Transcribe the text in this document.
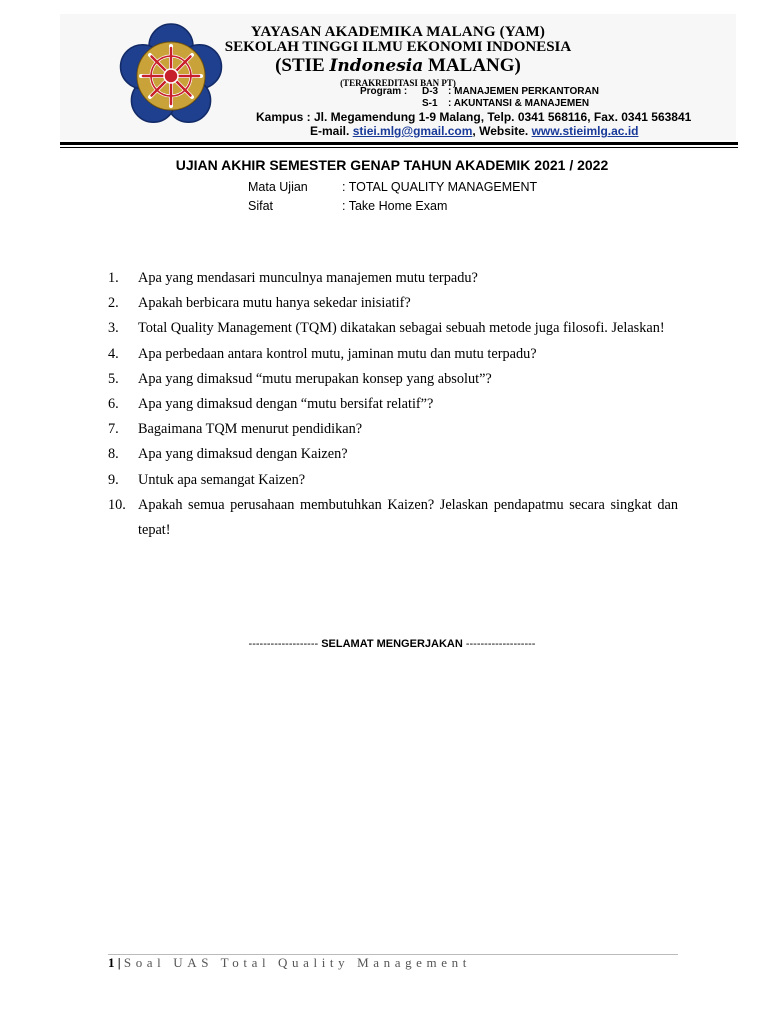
YAYASAN AKADEMIKA MALANG (YAM)
SEKOLAH TINGGI ILMU EKONOMI INDONESIA
(STIE Indonesia MALANG)
(TERAKREDITASI BAN PT)
Program : D-3 : MANAJEMEN PERKANTORAN
S-1 : AKUNTANSI & MANAJEMEN
Kampus : Jl. Megamendung 1-9 Malang, Telp. 0341 568116, Fax. 0341 563841
E-mail. stiei.mlg@gmail.com, Website. www.stieimlg.ac.id
UJIAN AKHIR SEMESTER GENAP TAHUN AKADEMIK 2021 / 2022
Mata Ujian	: TOTAL QUALITY MANAGEMENT
Sifat	: Take Home Exam
1. Apa yang mendasari munculnya manajemen mutu terpadu?
2. Apakah berbicara mutu hanya sekedar inisiatif?
3. Total Quality Management (TQM) dikatakan sebagai sebuah metode juga filosofi. Jelaskan!
4. Apa perbedaan antara kontrol mutu, jaminan mutu dan mutu terpadu?
5. Apa yang dimaksud “mutu merupakan konsep yang absolut”?
6. Apa yang dimaksud dengan “mutu bersifat relatif”?
7. Bagaimana TQM menurut pendidikan?
8. Apa yang dimaksud dengan Kaizen?
9. Untuk apa semangat Kaizen?
10. Apakah semua perusahaan membutuhkan Kaizen? Jelaskan pendapatmu secara singkat dan tepat!
------------------- SELAMAT MENGERJAKAN -------------------
1 | Soal UAS Total Quality Management
